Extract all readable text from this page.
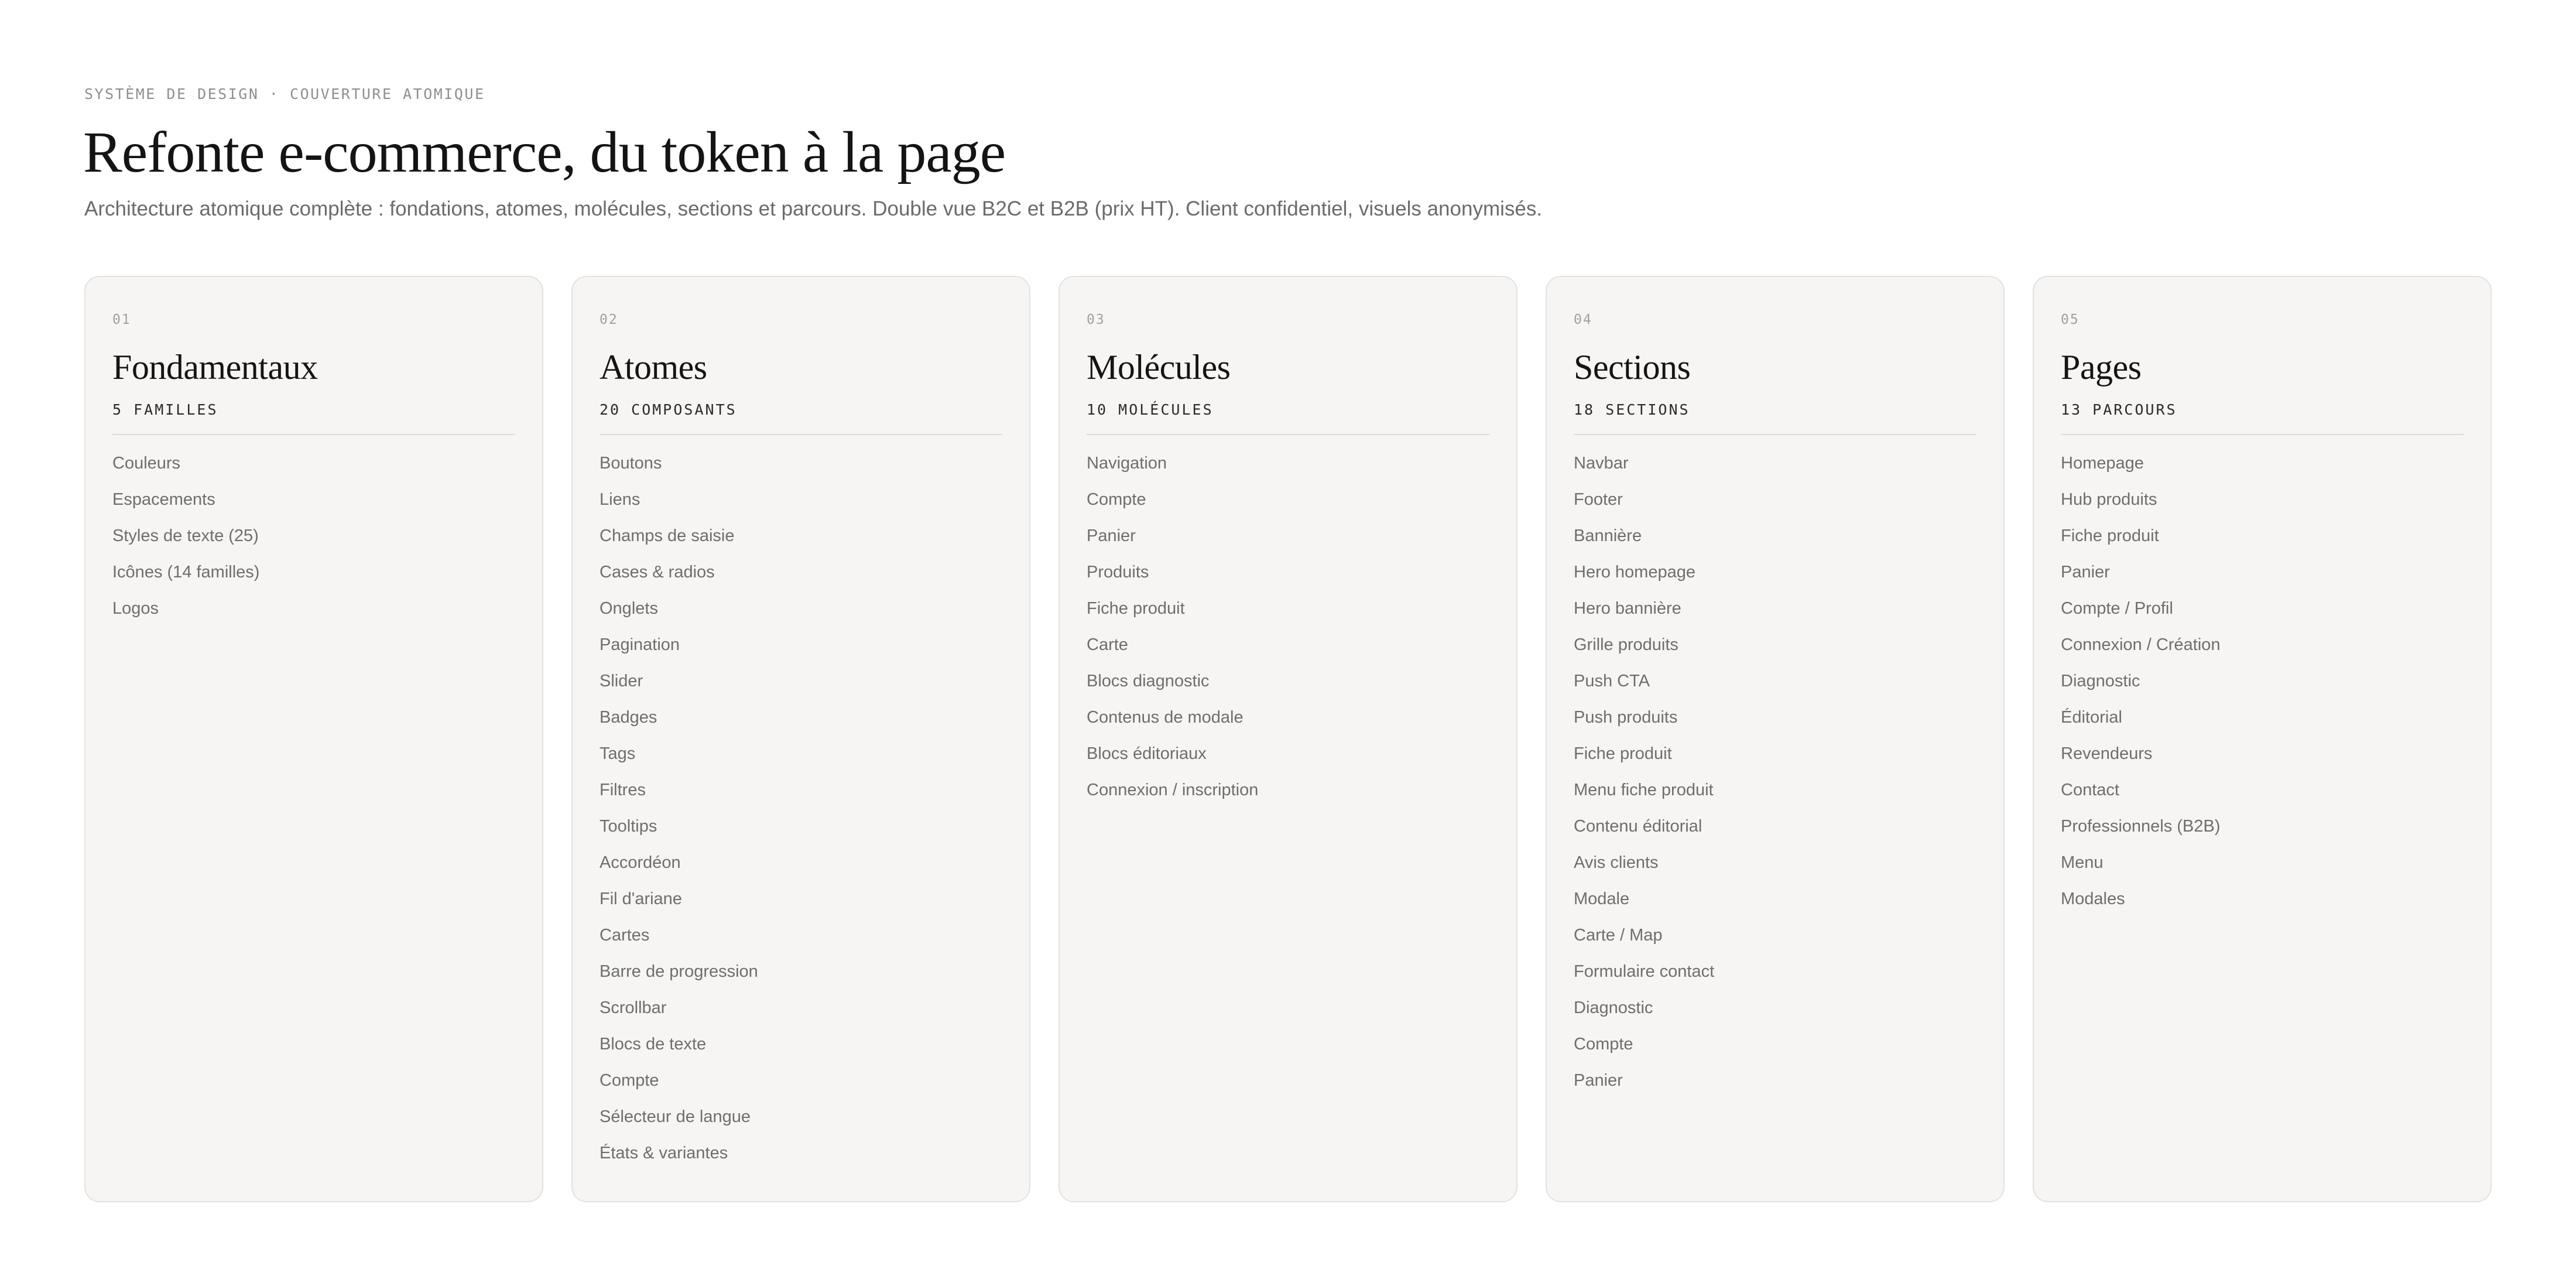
SYSTÈME DE DESIGN · COUVERTURE ATOMIQUE
Refonte e-commerce, du token à la page
Architecture atomique complète : fondations, atomes, molécules, sections et parcours. Double vue B2C et B2B (prix HT). Client confidentiel, visuels anonymisés.
01
Fondamentaux
5 FAMILLES
Couleurs
Espacements
Styles de texte (25)
Icônes (14 familles)
Logos
02
Atomes
20 COMPOSANTS
Boutons
Liens
Champs de saisie
Cases & radios
Onglets
Pagination
Slider
Badges
Tags
Filtres
Tooltips
Accordéon
Fil d'ariane
Cartes
Barre de progression
Scrollbar
Blocs de texte
Compte
Sélecteur de langue
États & variantes
03
Molécules
10 MOLÉCULES
Navigation
Compte
Panier
Produits
Fiche produit
Carte
Blocs diagnostic
Contenus de modale
Blocs éditoriaux
Connexion / inscription
04
Sections
18 SECTIONS
Navbar
Footer
Bannière
Hero homepage
Hero bannière
Grille produits
Push CTA
Push produits
Fiche produit
Menu fiche produit
Contenu éditorial
Avis clients
Modale
Carte / Map
Formulaire contact
Diagnostic
Compte
Panier
05
Pages
13 PARCOURS
Homepage
Hub produits
Fiche produit
Panier
Compte / Profil
Connexion / Création
Diagnostic
Éditorial
Revendeurs
Contact
Professionnels (B2B)
Menu
Modales
